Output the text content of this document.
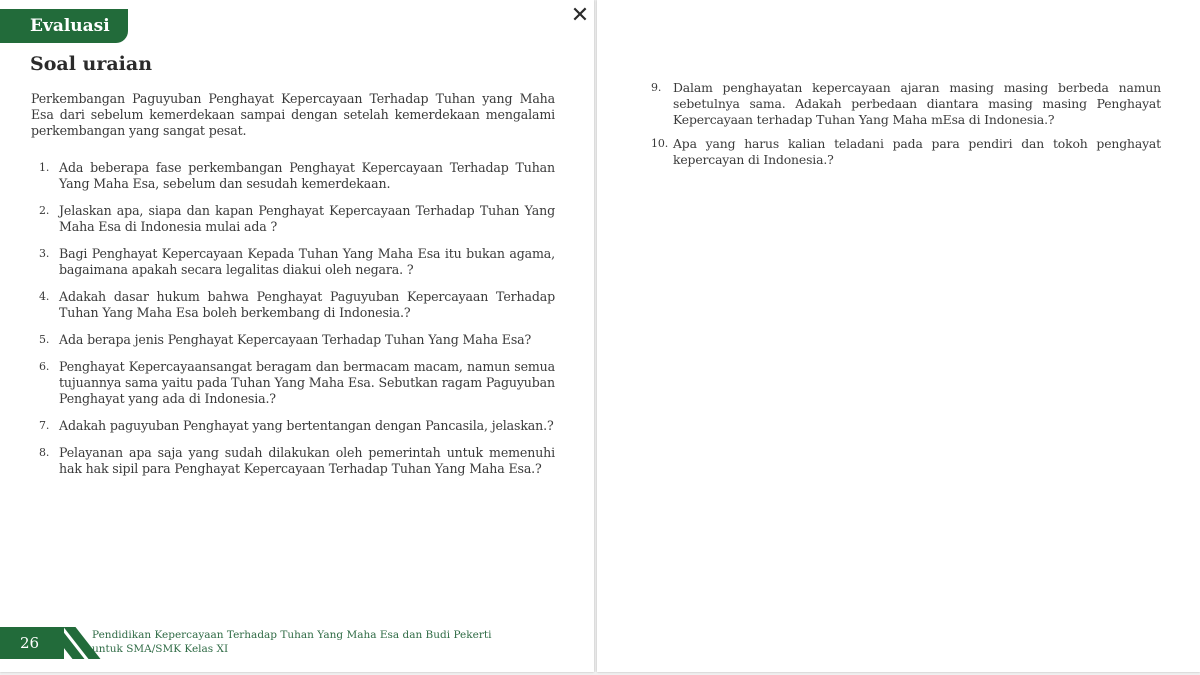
Evaluasi
Soal uraian
Perkembangan Paguyuban Penghayat Kepercayaan Terhadap Tuhan yang Maha Esa dari sebelum kemerdekaan sampai dengan setelah kemerdekaan mengalami perkembangan yang sangat pesat.
1. Ada beberapa fase perkembangan Penghayat Kepercayaan Terhadap Tuhan Yang Maha Esa, sebelum dan sesudah kemerdekaan.
2. Jelaskan apa, siapa dan kapan Penghayat Kepercayaan Terhadap Tuhan Yang Maha Esa di Indonesia mulai ada ?
3. Bagi Penghayat Kepercayaan Kepada Tuhan Yang Maha Esa itu bukan agama, bagaimana apakah secara legalitas diakui oleh negara. ?
4. Adakah dasar hukum bahwa Penghayat Paguyuban Kepercayaan Terhadap Tuhan Yang Maha Esa boleh berkembang di Indonesia.?
5. Ada berapa jenis Penghayat Kepercayaan Terhadap Tuhan Yang Maha Esa?
6. Penghayat Kepercayaansangat beragam dan bermacam macam, namun semua tujuannya sama yaitu pada Tuhan Yang Maha Esa. Sebutkan ragam Paguyuban Penghayat yang ada di Indonesia.?
7. Adakah paguyuban Penghayat yang bertentangan dengan Pancasila, jelaskan.?
8. Pelayanan apa saja yang sudah dilakukan oleh pemerintah untuk memenuhi hak hak sipil para Penghayat Kepercayaan Terhadap Tuhan Yang Maha Esa.?
26	Pendidikan Kepercayaan Terhadap Tuhan Yang Maha Esa dan Budi Pekerti
untuk SMA/SMK Kelas XI
✕
9. Dalam penghayatan kepercayaan ajaran masing masing berbeda namun sebetulnya sama. Adakah perbedaan diantara masing masing Penghayat Kepercayaan terhadap Tuhan Yang Maha mEsa di Indonesia.?
10. Apa yang harus kalian teladani pada para pendiri dan tokoh penghayat kepercayan di Indonesia.?
